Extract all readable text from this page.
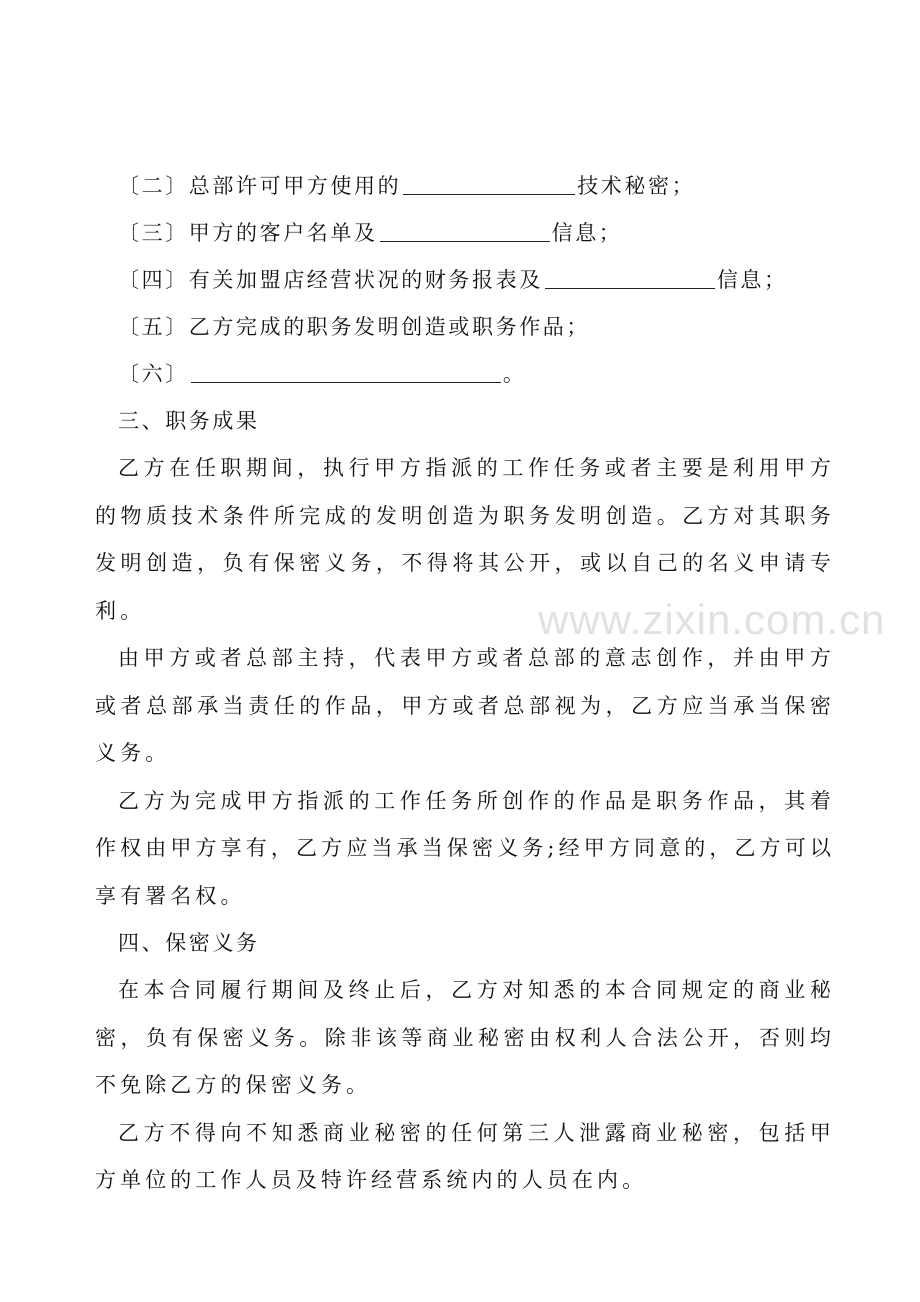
〔二〕总部许可甲方使用的	技术秘密；
〔三〕甲方的客户名单及	信息；
〔四〕有关加盟店经营状况的财务报表及	信息；
〔五〕乙方完成的职务发明创造或职务作品；
〔六〕	。
三、职务成果
乙方在任职期间，执行甲方指派的工作任务或者主要是利用甲方的物质技术条件所完成的发明创造为职务发明创造。乙方对其职务发明创造，负有保密义务，不得将其公开，或以自己的名义申请专利。
由甲方或者总部主持，代表甲方或者总部的意志创作，并由甲方或者总部承当责任的作品，甲方或者总部视为，乙方应当承当保密义务。
乙方为完成甲方指派的工作任务所创作的作品是职务作品，其着作权由甲方享有，乙方应当承当保密义务;经甲方同意的，乙方可以享有署名权。
四、保密义务
在本合同履行期间及终止后，乙方对知悉的本合同规定的商业秘密，负有保密义务。除非该等商业秘密由权利人合法公开，否则均不免除乙方的保密义务。
乙方不得向不知悉商业秘密的任何第三人泄露商业秘密，包括甲方单位的工作人员及特许经营系统内的人员在内。
www.zixin.com.cn
